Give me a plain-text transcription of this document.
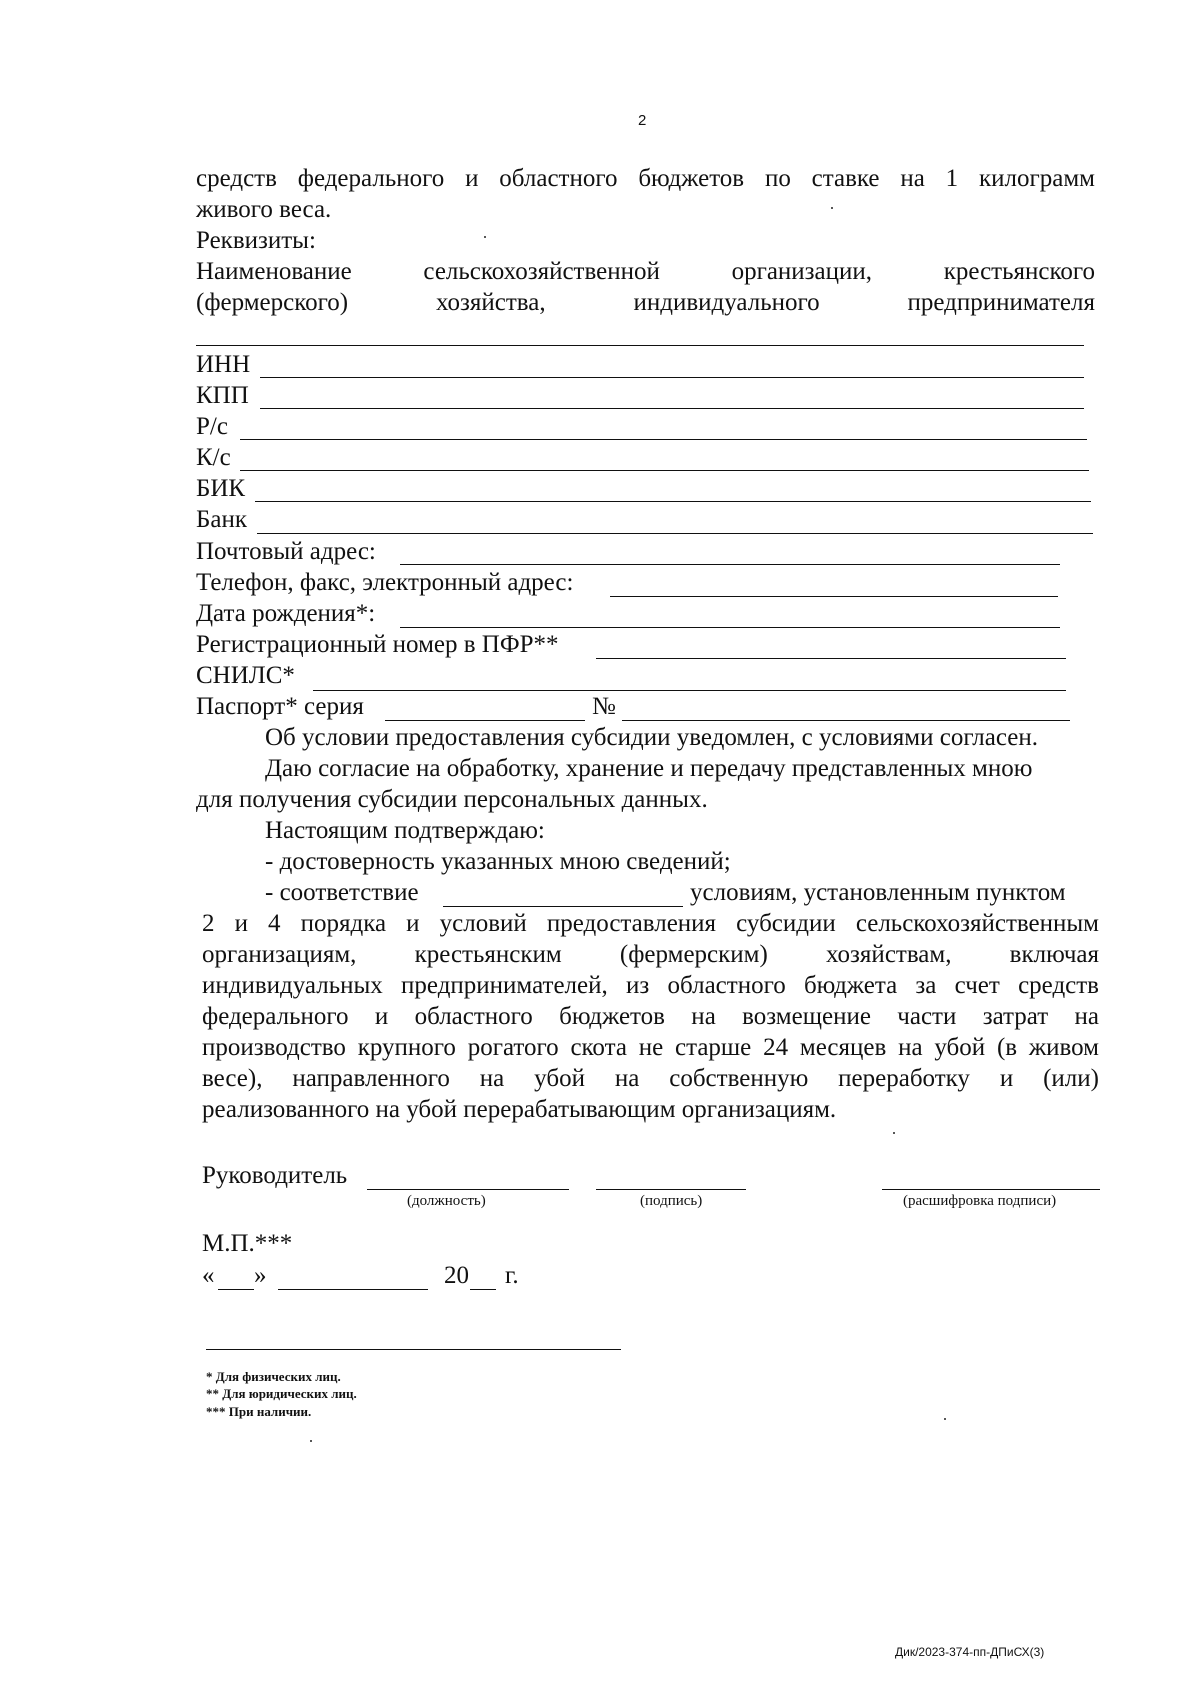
2
средств федерального и областного бюджетов по ставке на 1 килограмм
живого веса.
Реквизиты:
Наименование сельскохозяйственной организации, крестьянского
(фермерского) хозяйства, индивидуального предпринимателя
ИНН
КПП
Р/с
К/с
БИК
Банк
Почтовый адрес:
Телефон, факс, электронный адрес:
Дата рождения*:
Регистрационный номер в ПФР**
СНИЛС*
Паспорт* серия	№
Об условии предоставления субсидии уведомлен, с условиями согласен.
Даю согласие на обработку, хранение и передачу представленных мною
для получения субсидии персональных данных.
Настоящим подтверждаю:
- достоверность указанных мною сведений;
- соответствие	условиям, установленным пунктом
2 и 4 порядка и условий предоставления субсидии сельскохозяйственным
организациям, крестьянским (фермерским) хозяйствам, включая
индивидуальных предпринимателей, из областного бюджета за счет средств
федерального и областного бюджетов на возмещение части затрат на
производство крупного рогатого скота не старше 24 месяцев на убой (в живом
весе), направленного на убой на собственную переработку и (или)
реализованного на убой перерабатывающим организациям.
Руководитель
(должность)	(подпись)	(расшифровка подписи)
М.П.***
« »	20 г.
* Для физических лиц.
** Для юридических лиц.
*** При наличии.
Дик/2023-374-пп-ДПиСХ(3)
